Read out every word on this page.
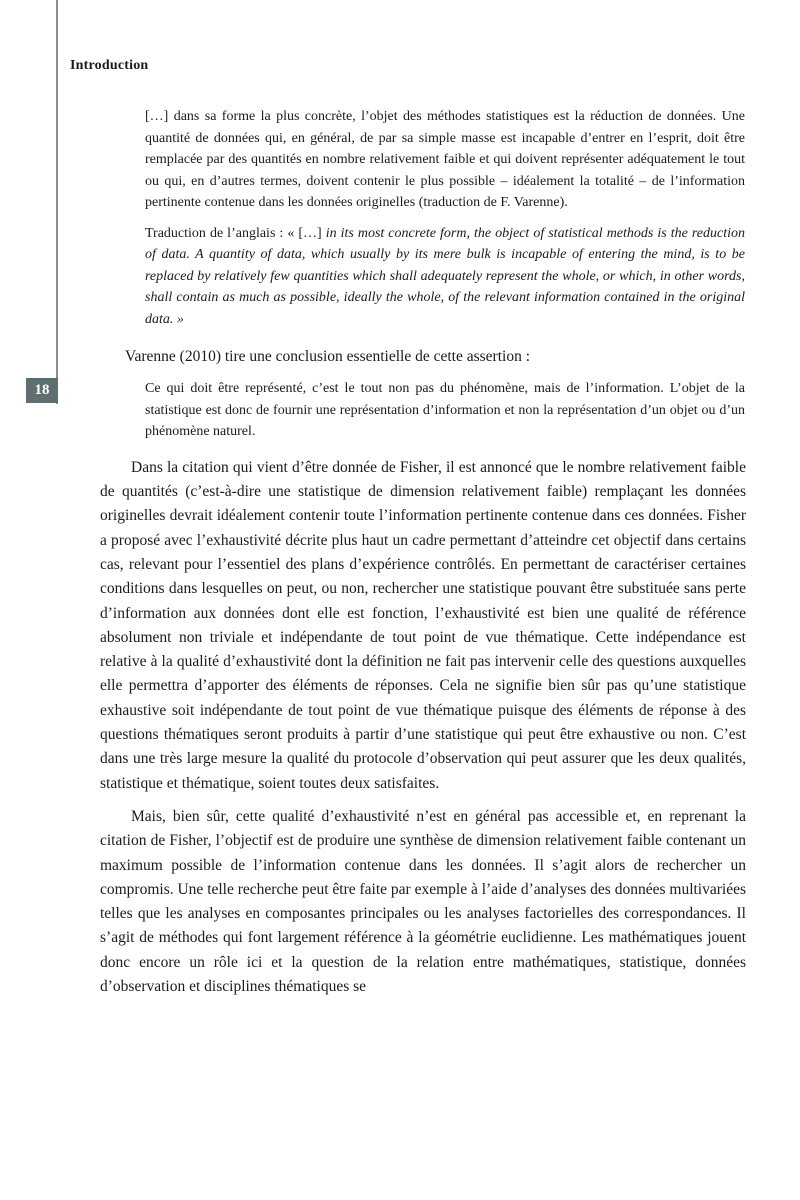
Introduction
18

[…] dans sa forme la plus concrète, l’objet des méthodes statistiques est la réduction de données. Une quantité de données qui, en général, de par sa simple masse est incapable d’entrer en l’esprit, doit être remplacée par des quantités en nombre relativement faible et qui doivent représenter adéquatement le tout ou qui, en d’autres termes, doivent contenir le plus possible – idéalement la totalité – de l’information pertinente contenue dans les données originelles (traduction de F. Varenne).

Traduction de l’anglais : « […] in its most concrete form, the object of statistical methods is the reduction of data. A quantity of data, which usually by its mere bulk is incapable of entering the mind, is to be replaced by relatively few quantities which shall adequately represent the whole, or which, in other words, shall contain as much as possible, ideally the whole, of the relevant information contained in the original data. »

Varenne (2010) tire une conclusion essentielle de cette assertion :

Ce qui doit être représenté, c’est le tout non pas du phénomène, mais de l’information. L’objet de la statistique est donc de fournir une représentation d’information et non la représentation d’un objet ou d’un phénomène naturel.

Dans la citation qui vient d’être donnée de Fisher, il est annoncé que le nombre relativement faible de quantités (c’est-à-dire une statistique de dimension relativement faible) remplaçant les données originelles devrait idéalement contenir toute l’information pertinente contenue dans ces données. Fisher a proposé avec l’exhaustivité décrite plus haut un cadre permettant d’atteindre cet objectif dans certains cas, relevant pour l’essentiel des plans d’expérience contrôlés. En permettant de caractériser certaines conditions dans lesquelles on peut, ou non, rechercher une statistique pouvant être substituée sans perte d’information aux données dont elle est fonction, l’exhaustivité est bien une qualité de référence absolument non triviale et indépendante de tout point de vue thématique. Cette indépendance est relative à la qualité d’exhaustivité dont la définition ne fait pas intervenir celle des questions auxquelles elle permettra d’apporter des éléments de réponses. Cela ne signifie bien sûr pas qu’une statistique exhaustive soit indépendante de tout point de vue thématique puisque des éléments de réponse à des questions thématiques seront produits à partir d’une statistique qui peut être exhaustive ou non. C’est dans une très large mesure la qualité du protocole d’observation qui peut assurer que les deux qualités, statistique et thématique, soient toutes deux satisfaites.

Mais, bien sûr, cette qualité d’exhaustivité n’est en général pas accessible et, en reprenant la citation de Fisher, l’objectif est de produire une synthèse de dimension relativement faible contenant un maximum possible de l’information contenue dans les données. Il s’agit alors de rechercher un compromis. Une telle recherche peut être faite par exemple à l’aide d’analyses des données multivariées telles que les analyses en composantes principales ou les analyses factorielles des correspondances. Il s’agit de méthodes qui font largement référence à la géométrie euclidienne. Les mathématiques jouent donc encore un rôle ici et la question de la relation entre mathématiques, statistique, données d’observation et disciplines thématiques se
